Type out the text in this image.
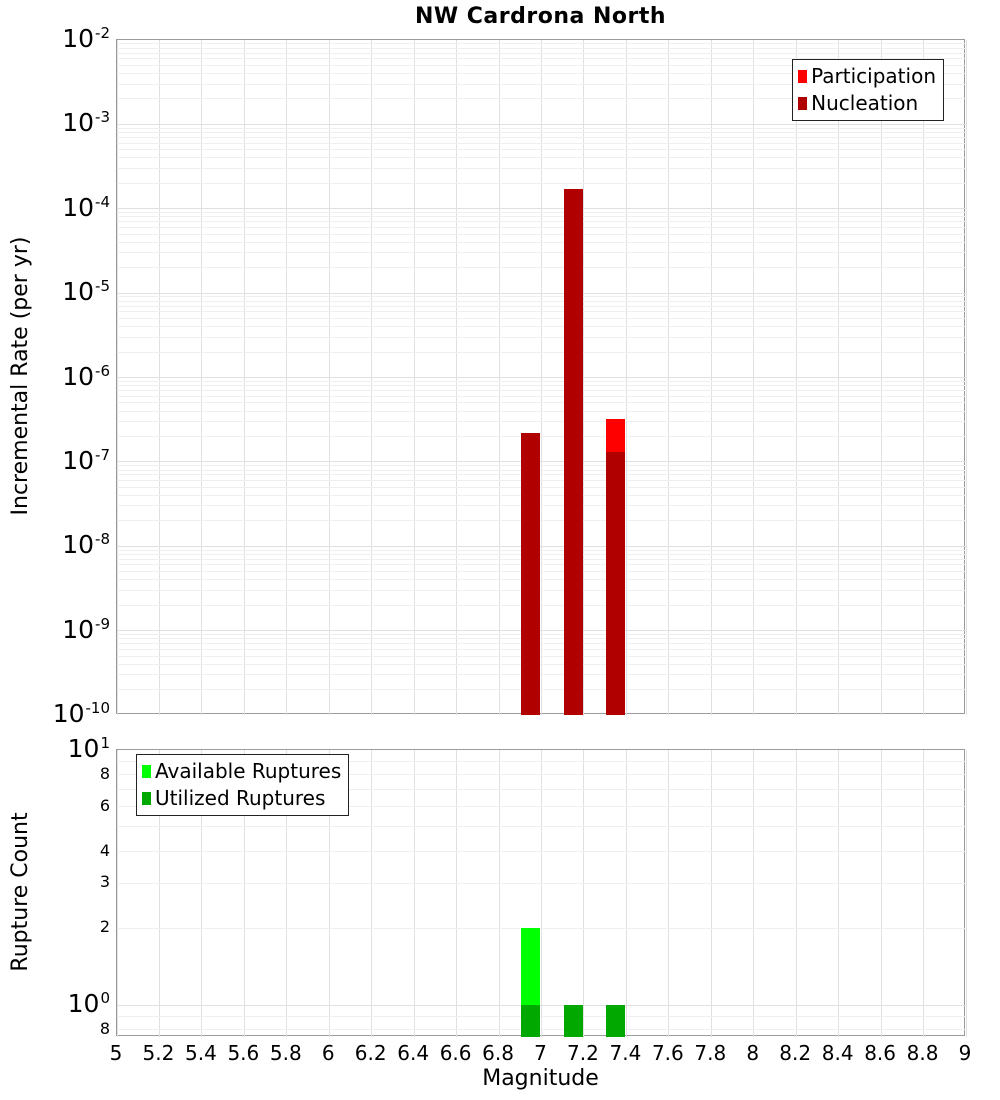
NW Cardrona North
Incremental Rate (per yr)
Rupture Count
Magnitude
Participation
Nucleation
Available Ruptures
Utilized Ruptures
$10^{-2}$
$10^{-3}$
$10^{-4}$
$10^{-5}$
$10^{-6}$
$10^{-7}$
$10^{-8}$
$10^{-9}$
$10^{-10}$
$10^1$
$10^0$
8
6
4
3
2
8
5 5.2 5.4 5.6 5.8 6 6.2 6.4 6.6 6.8 7 7.2 7.4 7.6 7.8 8 8.2 8.4 8.6 8.8 9
